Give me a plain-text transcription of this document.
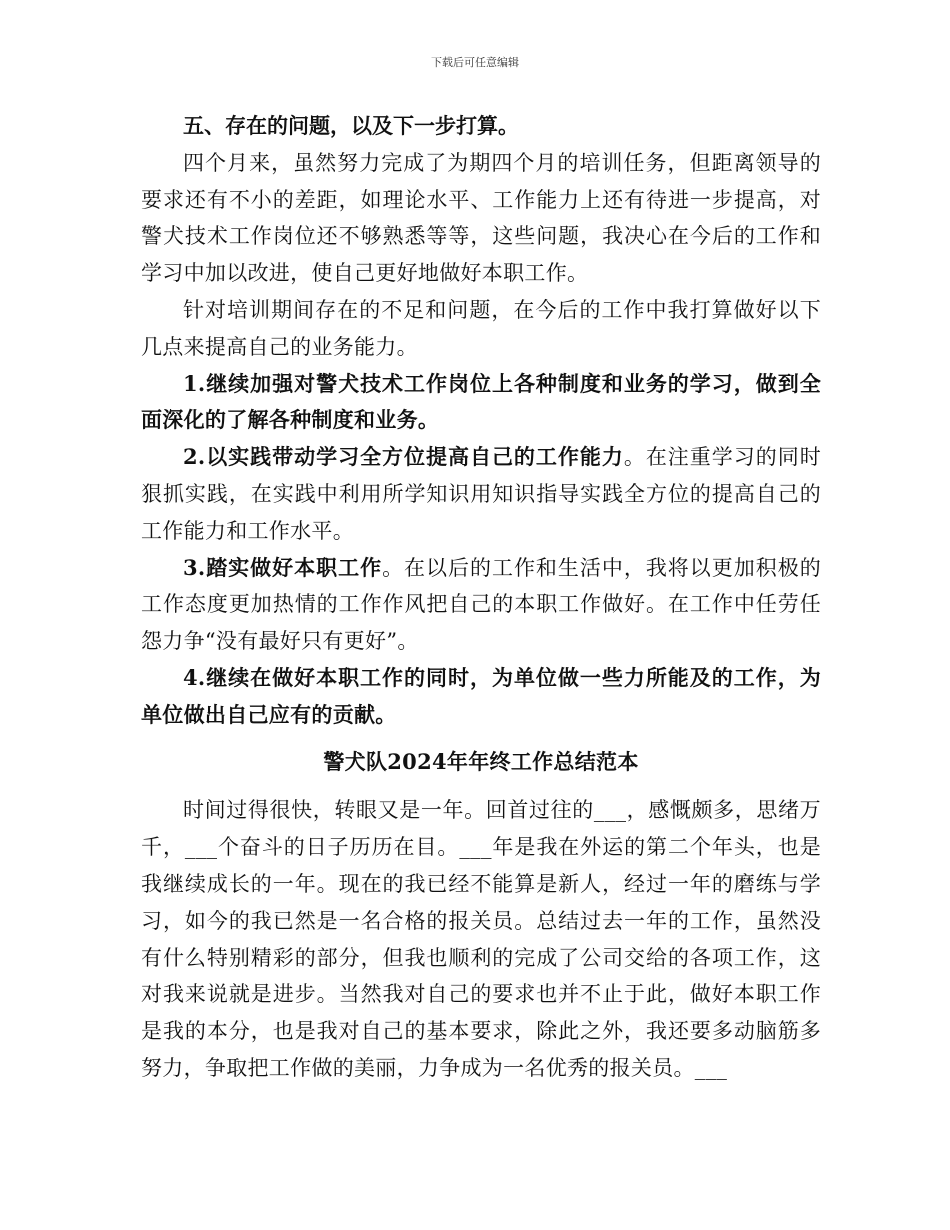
下载后可任意编辑

五、存在的问题，以及下一步打算。

四个月来，虽然努力完成了为期四个月的培训任务，但距离领导的要求还有不小的差距，如理论水平、工作能力上还有待进一步提高，对警犬技术工作岗位还不够熟悉等等，这些问题，我决心在今后的工作和学习中加以改进，使自己更好地做好本职工作。

针对培训期间存在的不足和问题，在今后的工作中我打算做好以下几点来提高自己的业务能力。

1.继续加强对警犬技术工作岗位上各种制度和业务的学习，做到全面深化的了解各种制度和业务。

2.以实践带动学习全方位提高自己的工作能力。在注重学习的同时狠抓实践，在实践中利用所学知识用知识指导实践全方位的提高自己的工作能力和工作水平。

3.踏实做好本职工作。在以后的工作和生活中，我将以更加积极的工作态度更加热情的工作作风把自己的本职工作做好。在工作中任劳任怨力争“没有最好只有更好”。

4.继续在做好本职工作的同时，为单位做一些力所能及的工作，为单位做出自己应有的贡献。

警犬队2024年年终工作总结范本

时间过得很快，转眼又是一年。回首过往的___，感慨颇多，思绪万千，___个奋斗的日子历历在目。___年是我在外运的第二个年头，也是我继续成长的一年。现在的我已经不能算是新人，经过一年的磨练与学习，如今的我已然是一名合格的报关员。总结过去一年的工作，虽然没有什么特别精彩的部分，但我也顺利的完成了公司交给的各项工作，这对我来说就是进步。当然我对自己的要求也并不止于此，做好本职工作是我的本分，也是我对自己的基本要求，除此之外，我还要多动脑筋多努力，争取把工作做的美丽，力争成为一名优秀的报关员。___
